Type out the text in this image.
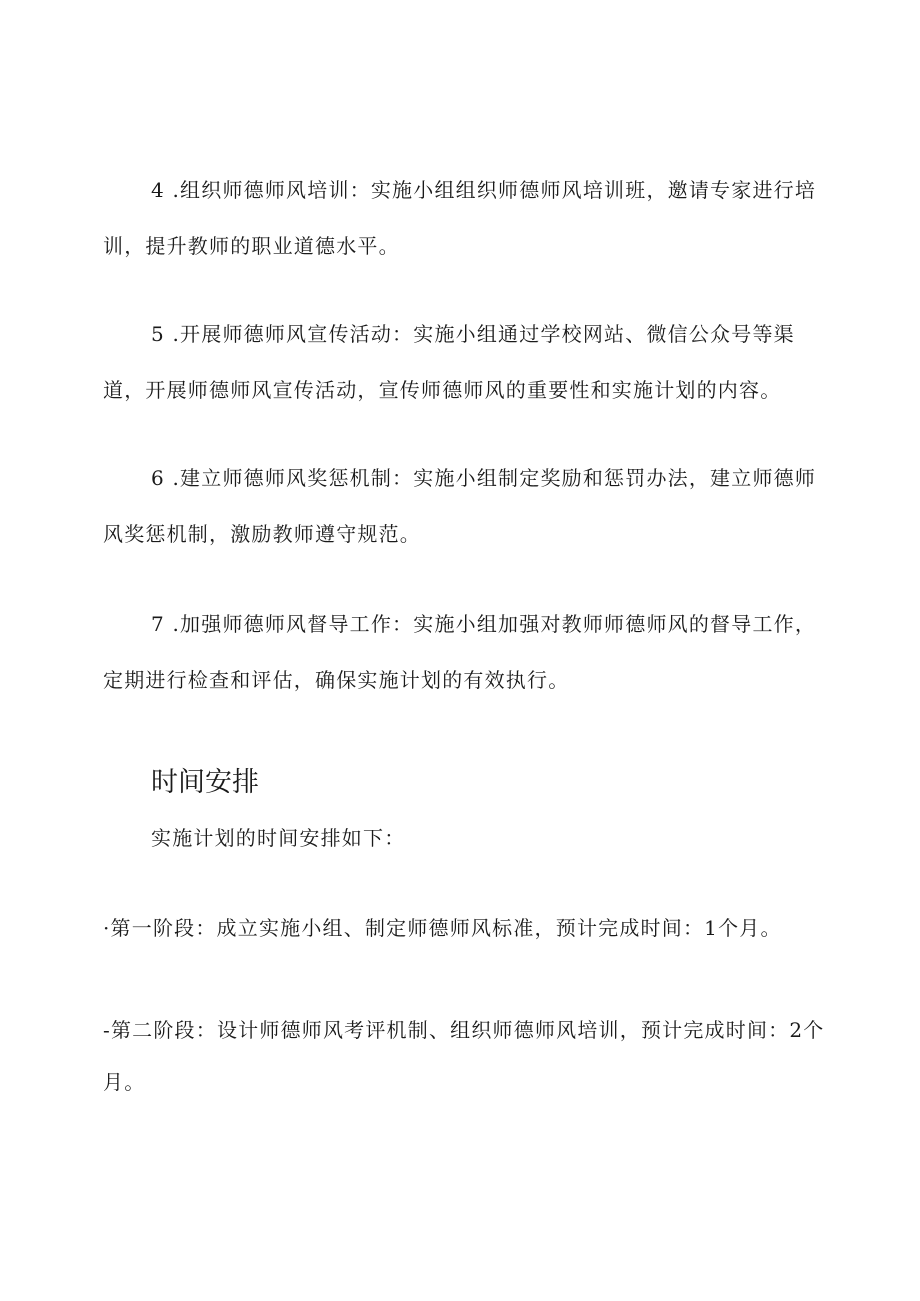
4 .组织师德师风培训：实施小组组织师德师风培训班，邀请专家进行培训，提升教师的职业道德水平。

5 .开展师德师风宣传活动：实施小组通过学校网站、微信公众号等渠道，开展师德师风宣传活动，宣传师德师风的重要性和实施计划的内容。

6 .建立师德师风奖惩机制：实施小组制定奖励和惩罚办法，建立师德师风奖惩机制，激励教师遵守规范。

7 .加强师德师风督导工作：实施小组加强对教师师德师风的督导工作，定期进行检查和评估，确保实施计划的有效执行。

时间安排

实施计划的时间安排如下：

·第一阶段：成立实施小组、制定师德师风标准，预计完成时间：1个月。

-第二阶段：设计师德师风考评机制、组织师德师风培训，预计完成时间：2个月。
